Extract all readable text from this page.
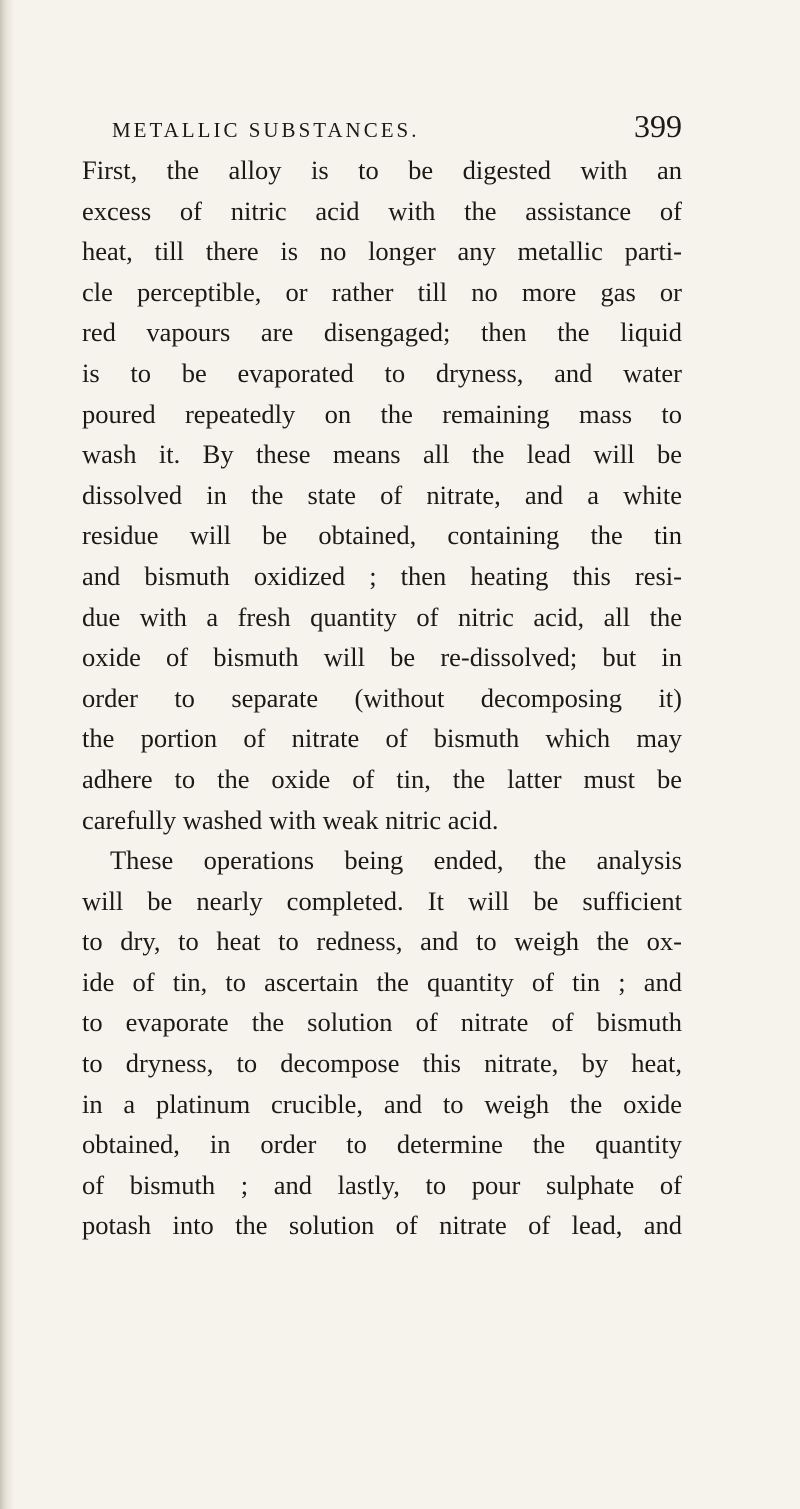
METALLIC SUBSTANCES.	399
First, the alloy is to be digested with an
excess of nitric acid with the assistance of
heat, till there is no longer any metallic parti-
cle perceptible, or rather till no more gas or
red vapours are disengaged; then the liquid
is to be evaporated to dryness, and water
poured repeatedly on the remaining mass to
wash it. By these means all the lead will be
dissolved in the state of nitrate, and a white
residue will be obtained, containing the tin
and bismuth oxidized ; then heating this resi-
due with a fresh quantity of nitric acid, all the
oxide of bismuth will be re-dissolved; but in
order to separate (without decomposing it)
the portion of nitrate of bismuth which may
adhere to the oxide of tin, the latter must be
carefully washed with weak nitric acid.
These operations being ended, the analysis
will be nearly completed. It will be sufficient
to dry, to heat to redness, and to weigh the ox-
ide of tin, to ascertain the quantity of tin ; and
to evaporate the solution of nitrate of bismuth
to dryness, to decompose this nitrate, by heat,
in a platinum crucible, and to weigh the oxide
obtained, in order to determine the quantity
of bismuth ; and lastly, to pour sulphate of
potash into the solution of nitrate of lead, and
